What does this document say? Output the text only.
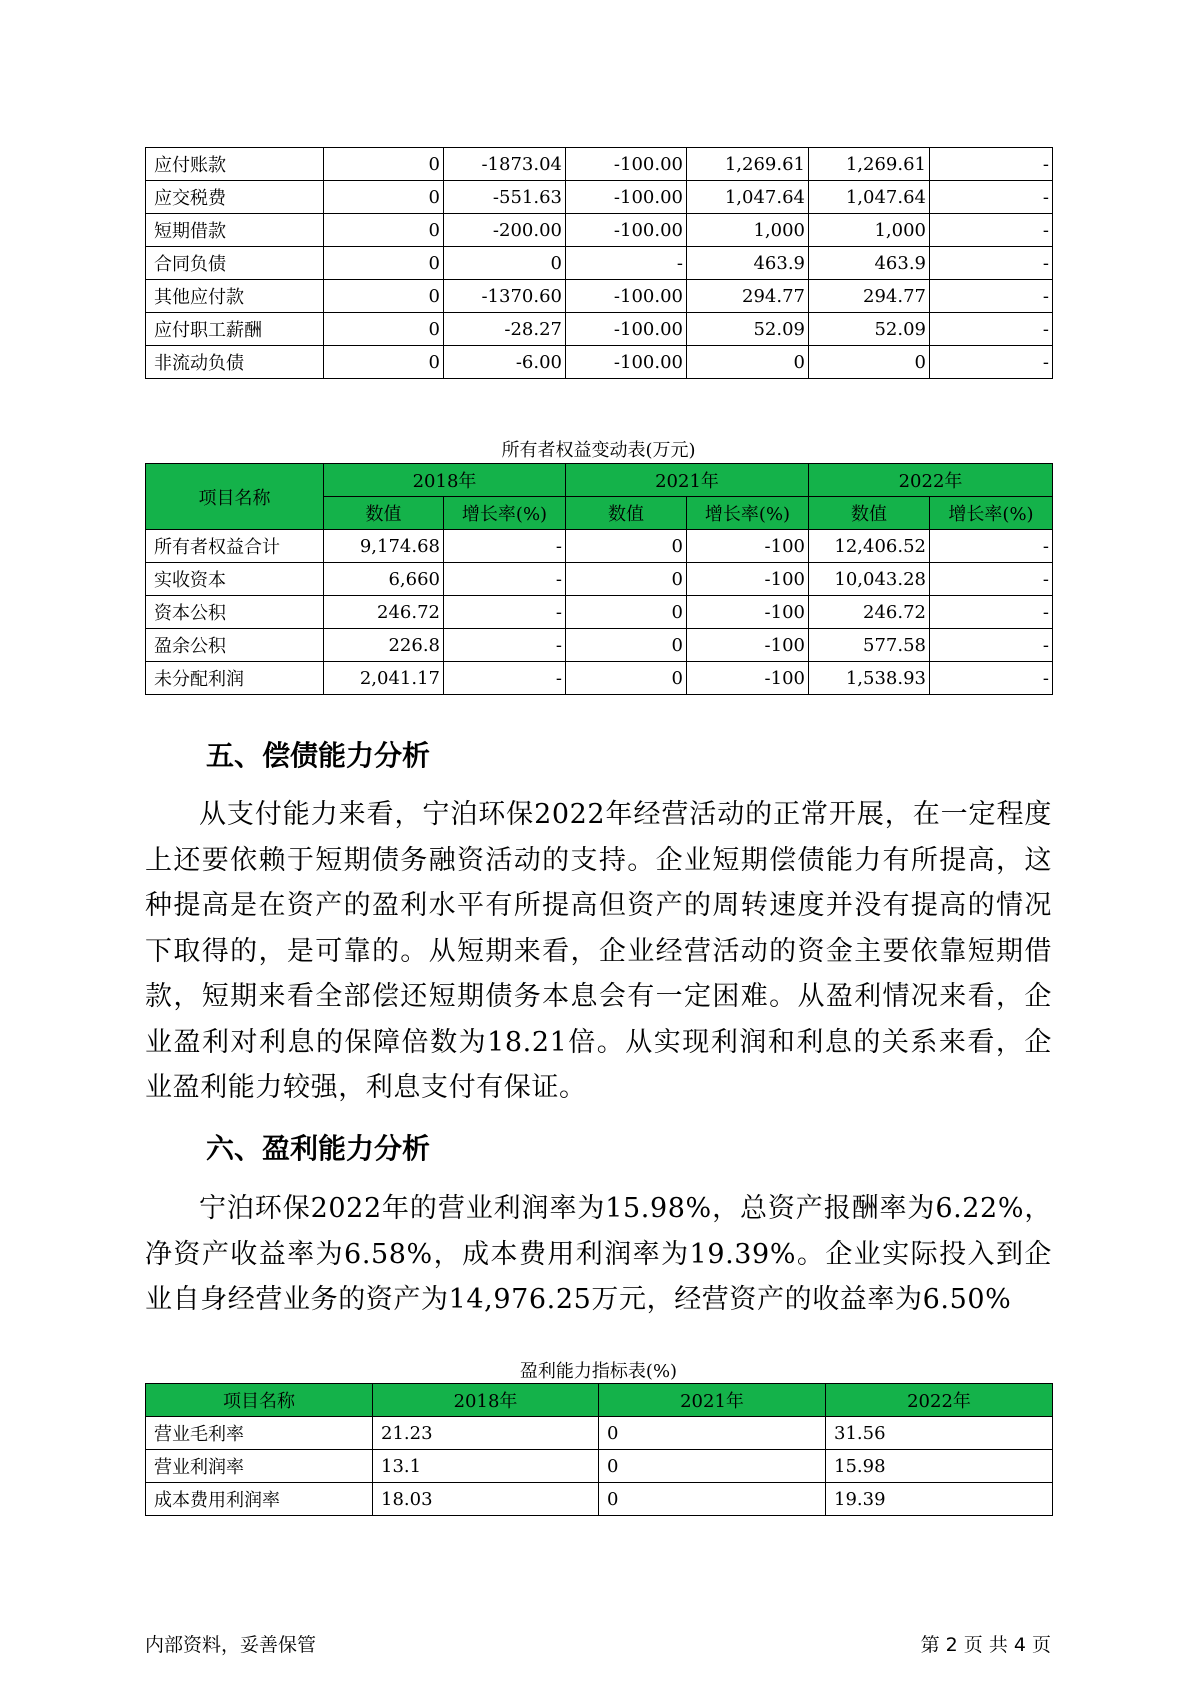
应付账款	0	-1873.04	-100.00	1,269.61	1,269.61	-
应交税费	0	-551.63	-100.00	1,047.64	1,047.64	-
短期借款	0	-200.00	-100.00	1,000	1,000	-
合同负债	0	0	-	463.9	463.9	-
其他应付款	0	-1370.60	-100.00	294.77	294.77	-
应付职工薪酬	0	-28.27	-100.00	52.09	52.09	-
非流动负债	0	-6.00	-100.00	0	0	-
所有者权益变动表(万元)
项目名称	2018年		2021年		2022年	
	数值	增长率(%)	数值	增长率(%)	数值	增长率(%)
所有者权益合计	9,174.68	-	0	-100	12,406.52	-
实收资本	6,660	-	0	-100	10,043.28	-
资本公积	246.72	-	0	-100	246.72	-
盈余公积	226.8	-	0	-100	577.58	-
未分配利润	2,041.17	-	0	-100	1,538.93	-
五、偿债能力分析

从支付能力来看，宁泊环保2022年经营活动的正常开展，在一定程度上还要依赖于短期债务融资活动的支持。企业短期偿债能力有所提高，这种提高是在资产的盈利水平有所提高但资产的周转速度并没有提高的情况下取得的，是可靠的。从短期来看，企业经营活动的资金主要依靠短期借款，短期来看全部偿还短期债务本息会有一定困难。从盈利情况来看，企业盈利对利息的保障倍数为18.21倍。从实现利润和利息的关系来看，企业盈利能力较强，利息支付有保证。

六、盈利能力分析

宁泊环保2022年的营业利润率为15.98%，总资产报酬率为6.22%，净资产收益率为6.58%，成本费用利润率为19.39%。企业实际投入到企业自身经营业务的资产为14,976.25万元，经营资产的收益率为6.50%

盈利能力指标表(%)
项目名称	2018年	2021年	2022年
营业毛利率	21.23	0	31.56
营业利润率	13.1	0	15.98
成本费用利润率	18.03	0	19.39
内部资料，妥善保管	第 2 页 共 4 页
